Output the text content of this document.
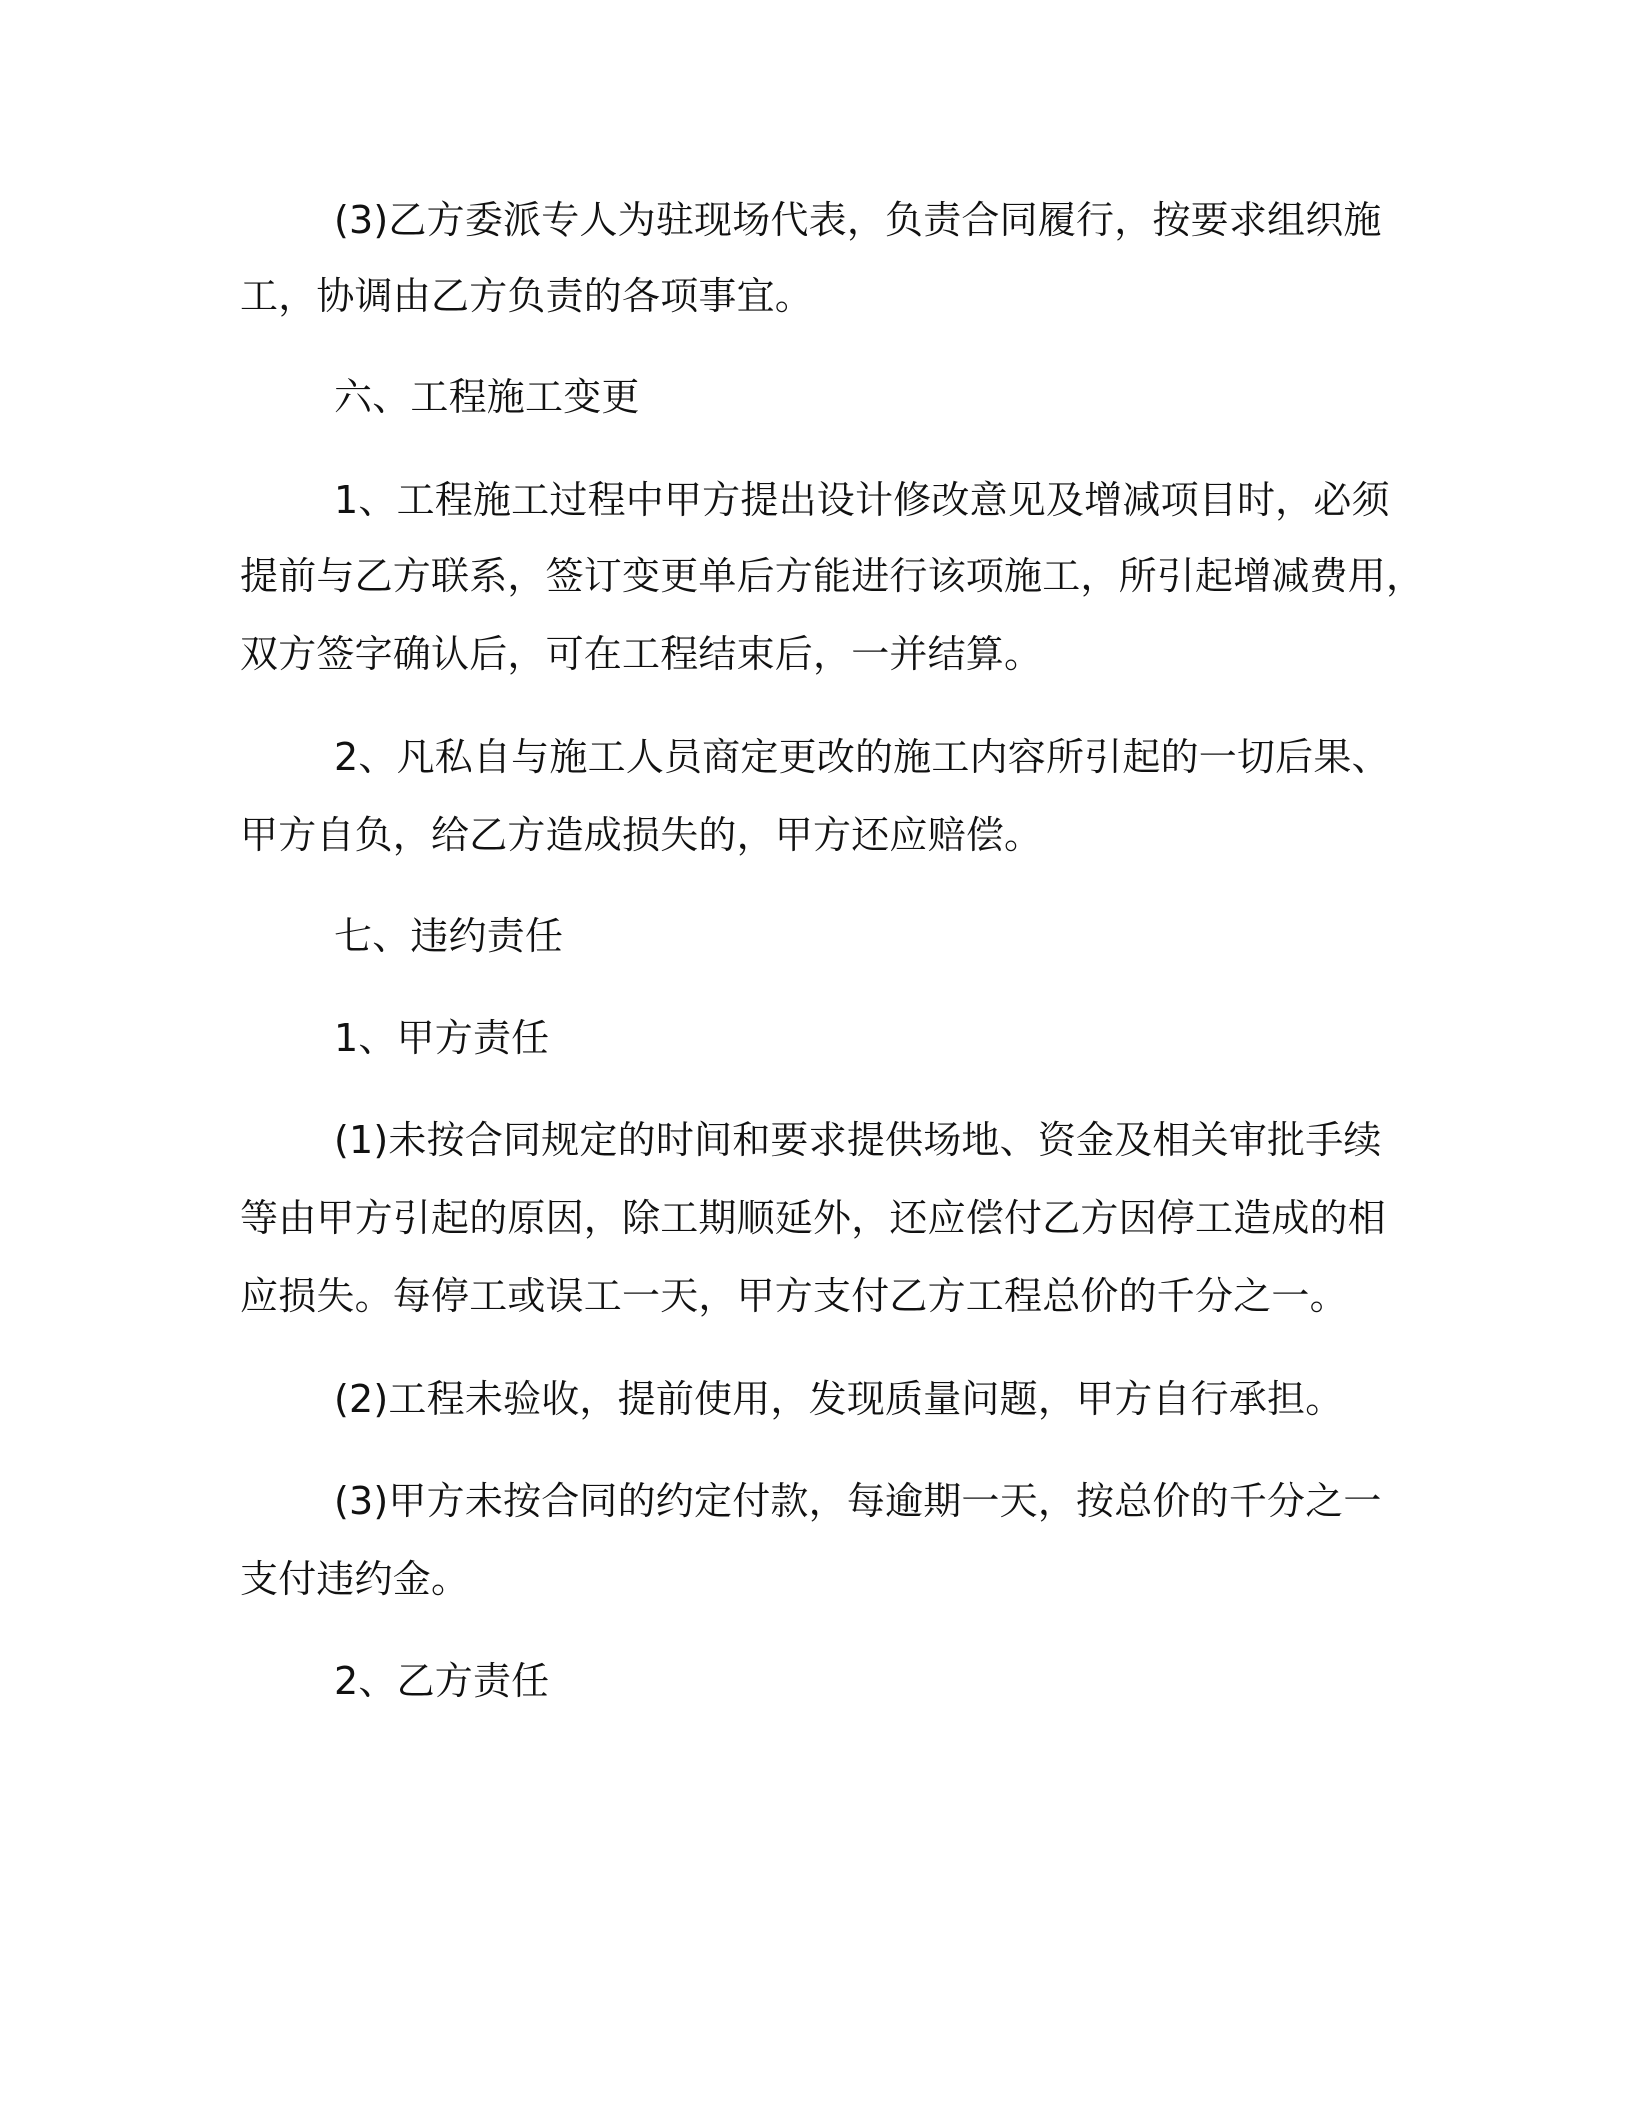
(3)乙方委派专人为驻现场代表，负责合同履行，按要求组织施

工，协调由乙方负责的各项事宜。

六、工程施工变更

1、工程施工过程中甲方提出设计修改意见及增减项目时，必须

提前与乙方联系，签订变更单后方能进行该项施工，所引起增减费用，

双方签字确认后，可在工程结束后，一并结算。

2、凡私自与施工人员商定更改的施工内容所引起的一切后果、

甲方自负，给乙方造成损失的，甲方还应赔偿。

七、违约责任

1、甲方责任

(1)未按合同规定的时间和要求提供场地、资金及相关审批手续

等由甲方引起的原因，除工期顺延外，还应偿付乙方因停工造成的相

应损失。每停工或误工一天，甲方支付乙方工程总价的千分之一。

(2)工程未验收，提前使用，发现质量问题，甲方自行承担。

(3)甲方未按合同的约定付款，每逾期一天，按总价的千分之一

支付违约金。

2、乙方责任
